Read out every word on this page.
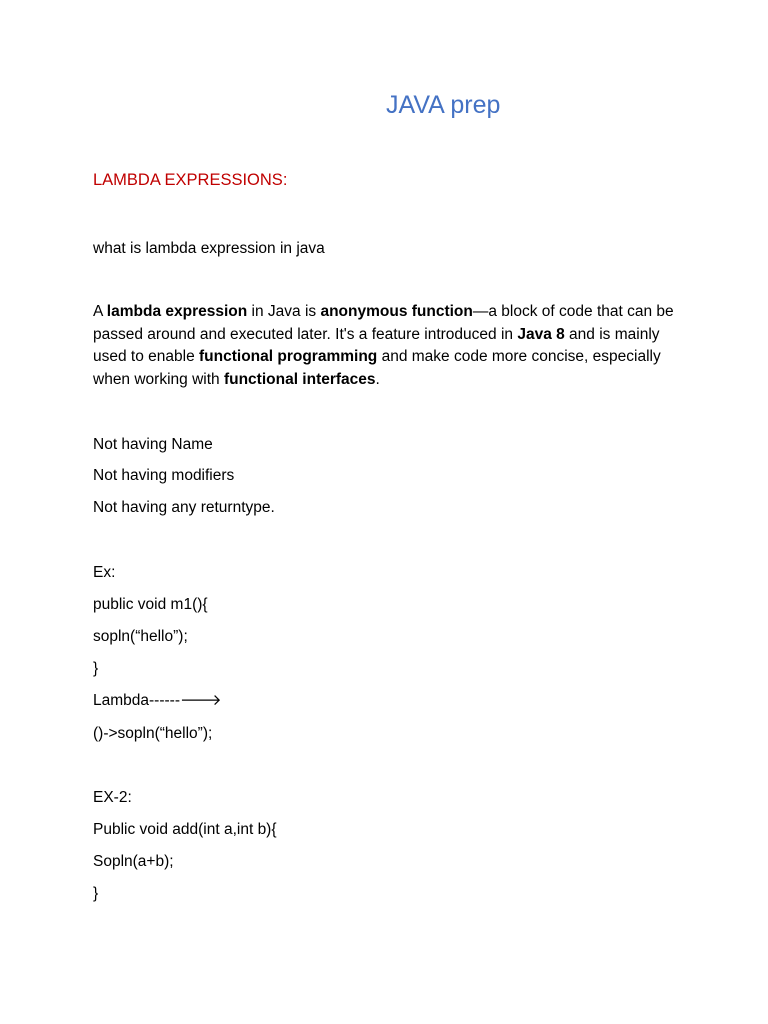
JAVA prep
LAMBDA EXPRESSIONS:
what is lambda expression in java
A lambda expression in Java is anonymous function—a block of code that can be passed around and executed later. It's a feature introduced in Java 8 and is mainly used to enable functional programming and make code more concise, especially when working with functional interfaces.
Not having Name
Not having modifiers
Not having any returntype.
Ex:
public void m1(){
sopln(“hello”);
}
Lambda------🡒
()->sopln(“hello”);
EX-2:
Public void add(int a,int b){
Sopln(a+b);
}
